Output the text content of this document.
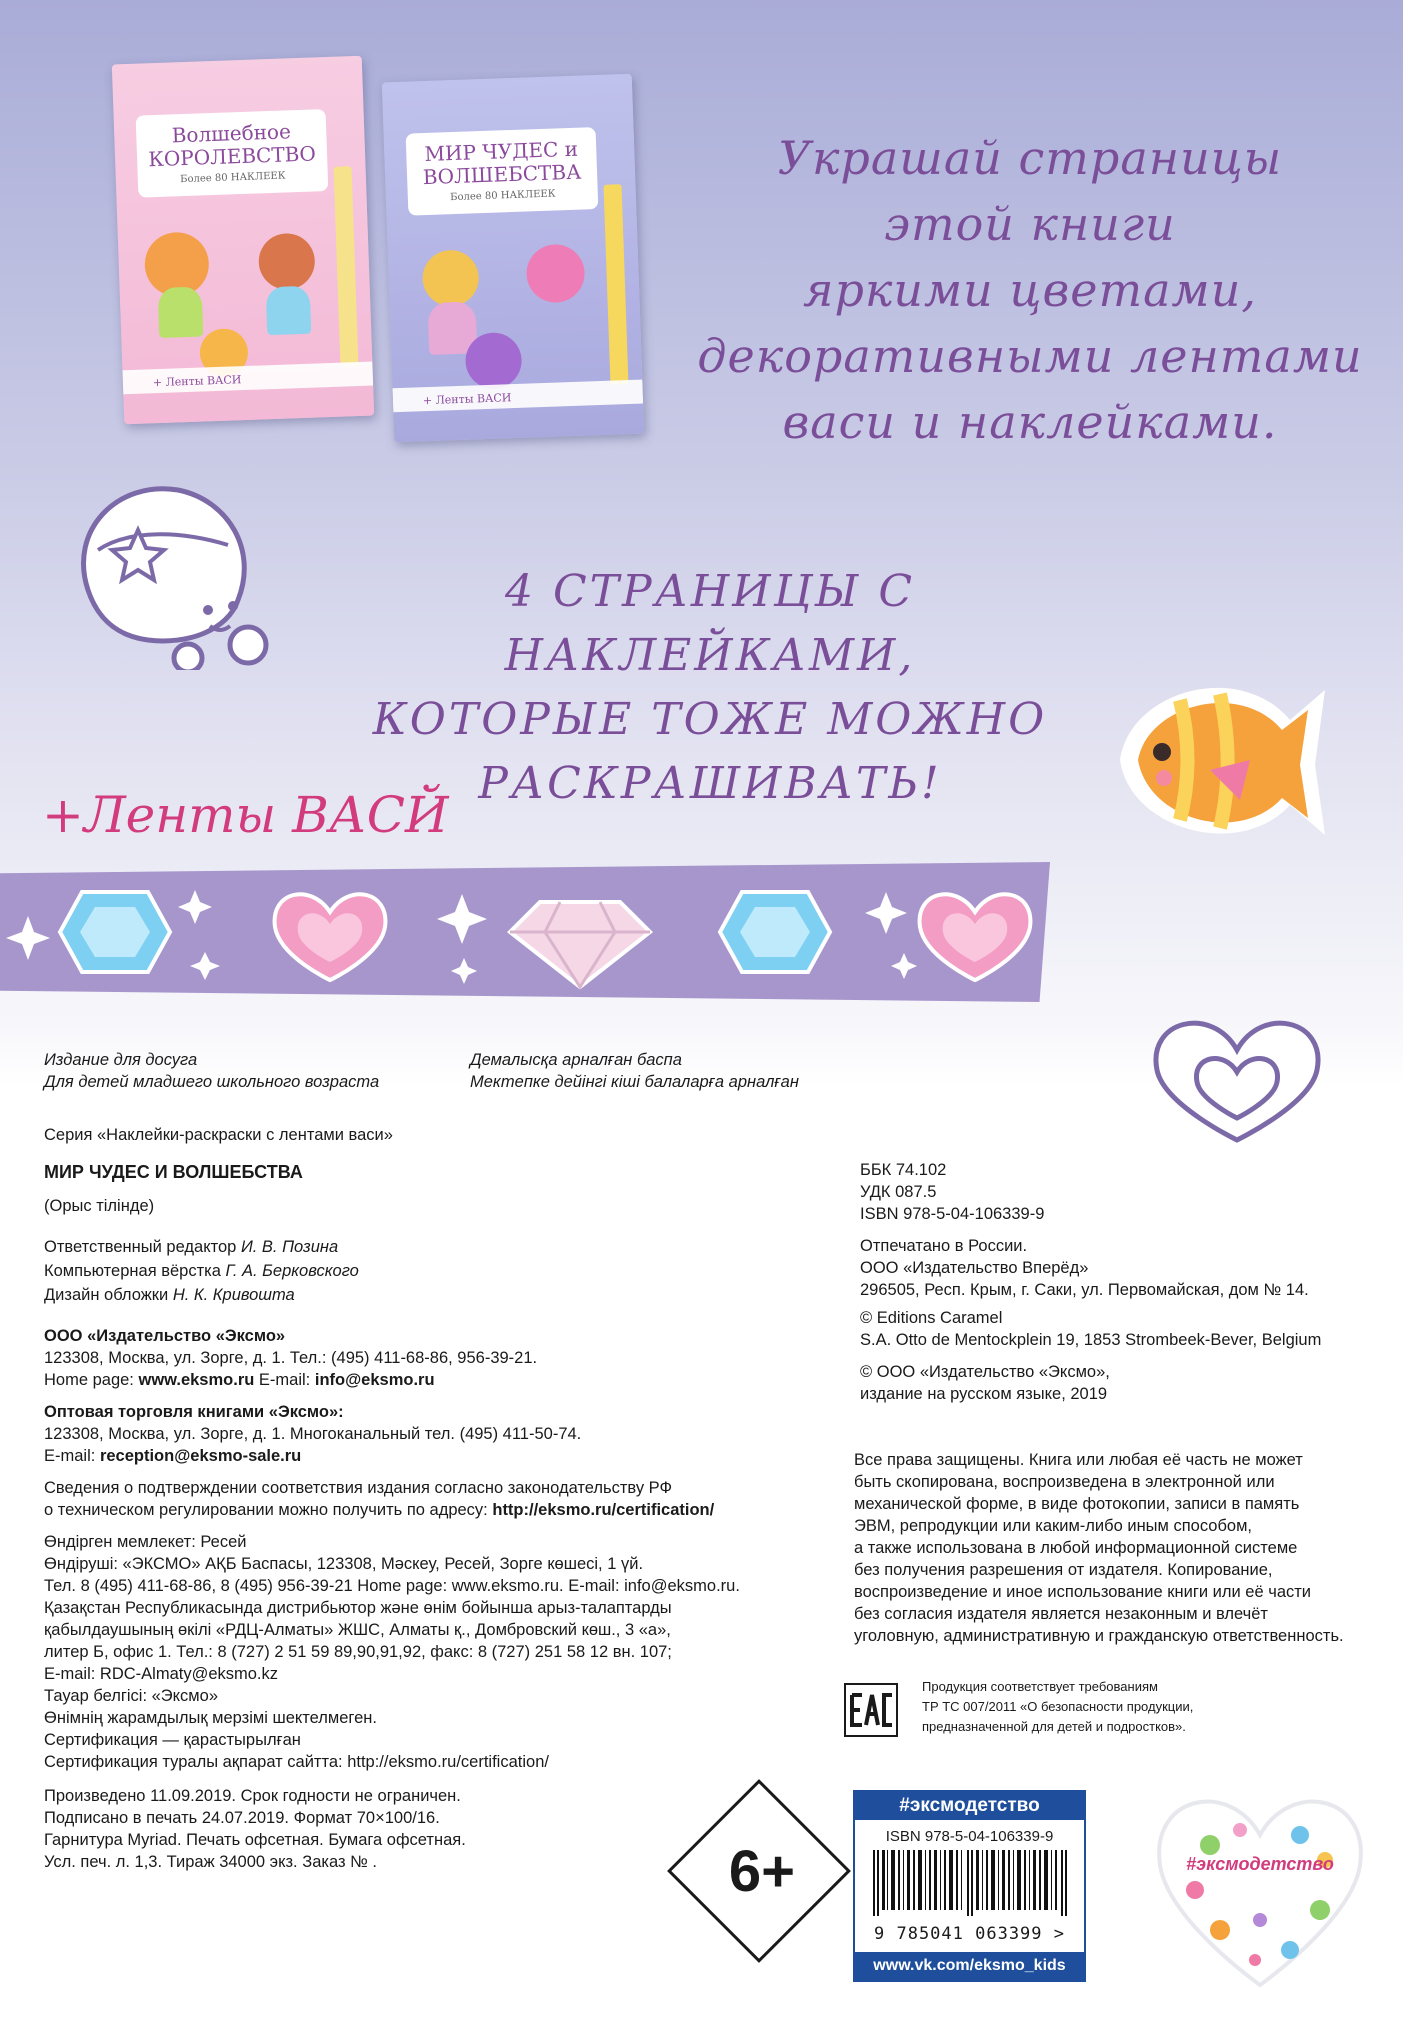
Волшебное КОРОЛЕВСТВО
Более 80 НАКЛЕЕК
+ Ленты ВАСИ
МИР ЧУДЕС и ВОЛШЕБСТВА
Более 80 НАКЛЕЕК
+ Ленты ВАСИ
Украшай страницы
этой книги
яркими цветами,
декоративными лентами
васи и наклейками.
4 СТРАНИЦЫ С НАКЛЕЙКАМИ,
КОТОРЫЕ ТОЖЕ МОЖНО
РАСКРАШИВАТЬ!
+Ленты ВАСЙ
Издание для досуга
Для детей младшего школьного возраста
Демалысқа арналған баспа
Мектепке дейінгі кіші балаларға арналған
Серия «Наклейки-раскраски с лентами васи»
МИР ЧУДЕС И ВОЛШЕБСТВА
(Орыс тілінде)
Ответственный редактор И. В. Позина
Компьютерная вёрстка Г. А. Берковского
Дизайн обложки Н. К. Кривошта
ООО «Издательство «Эксмо»
123308, Москва, ул. Зорге, д. 1. Тел.: (495) 411-68-86, 956-39-21.
Home page: www.eksmo.ru E-mail: info@eksmo.ru
Оптовая торговля книгами «Эксмо»:
123308, Москва, ул. Зорге, д. 1. Многоканальный тел. (495) 411-50-74.
E-mail: reception@eksmo-sale.ru
Сведения о подтверждении соответствия издания согласно законодательству РФ
о техническом регулировании можно получить по адресу: http://eksmo.ru/certification/
Өндірген мемлекет: Ресей
Өндіруші: «ЭКСМО» АҚБ Баспасы, 123308, Мәскеу, Ресей, Зорге көшесі, 1 үй.
Тел. 8 (495) 411-68-86, 8 (495) 956-39-21 Home page: www.eksmo.ru. E-mail: info@eksmo.ru.
Қазақстан Республикасында дистрибьютор және өнім бойынша арыз-талаптарды
қабылдаушының өкілі «РДЦ-Алматы» ЖШС, Алматы қ., Домбровский көш., 3 «а»,
литер Б, офис 1. Тел.: 8 (727) 2 51 59 89,90,91,92, факс: 8 (727) 251 58 12 вн. 107;
E-mail: RDC-Almaty@eksmo.kz
Тауар белгісі: «Эксмо»
Өнімнің жарамдылық мерзімі шектелмеген.
Сертификация — қарастырылған
Сертификация туралы ақпарат сайтта: http://eksmo.ru/certification/
Произведено 11.09.2019. Срок годности не ограничен.
Подписано в печать 24.07.2019. Формат 70×100/16.
Гарнитура Myriad. Печать офсетная. Бумага офсетная.
Усл. печ. л. 1,3. Тираж 34000 экз. Заказ № .
ББК 74.102
УДК 087.5
ISBN 978-5-04-106339-9
Отпечатано в России.
ООО «Издательство Вперёд»
296505, Респ. Крым, г. Саки, ул. Первомайская, дом № 14.
© Editions Caramel
S.A. Otto de Mentockplein 19, 1853 Strombeek-Bever, Belgium
© ООО «Издательство «Эксмо»,
издание на русском языке, 2019
Все права защищены. Книга или любая её часть не может
быть скопирована, воспроизведена в электронной или
механической форме, в виде фотокопии, записи в память
ЭВМ, репродукции или каким-либо иным способом,
а также использована в любой информационной системе
без получения разрешения от издателя. Копирование,
воспроизведение и иное использование книги или её части
без согласия издателя является незаконным и влечёт
уголовную, административную и гражданскую ответственность.
Продукция соответствует требованиям
ТР ТС 007/2011 «О безопасности продукции,
предназначенной для детей и подростков».
6+
#эксмодетство
ISBN 978-5-04-106339-9
9 785041 063399 >
www.vk.com/eksmo_kids
#эксмодетство
